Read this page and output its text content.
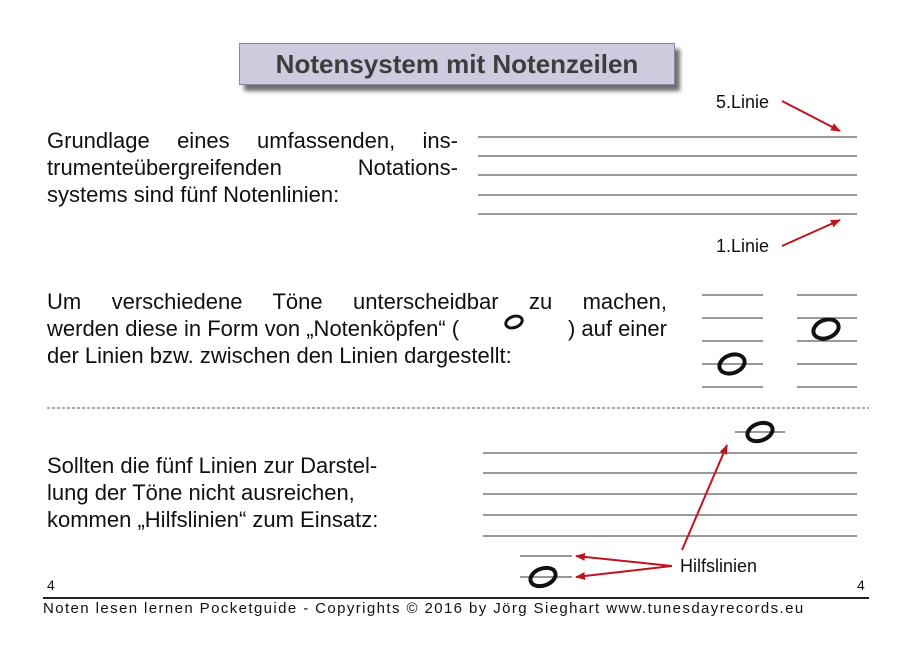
Notensystem mit Notenzeilen
Grundlage eines umfassenden, ins-
trumenteübergreifenden Notations-
systems sind fünf Notenlinien:
5.Linie
1.Linie
Um verschiedene Töne unterscheidbar zu machen,
werden diese in Form von „Notenköpfen“ (	) auf einer
der Linien bzw. zwischen den Linien dargestellt:
Sollten die fünf Linien zur Darstel-
lung der Töne nicht ausreichen,
kommen „Hilfslinien“ zum Einsatz:
Hilfslinien
4	4
Noten lesen lernen Pocketguide - Copyrights © 2016 by Jörg Sieghart www.tunesdayrecords.eu
